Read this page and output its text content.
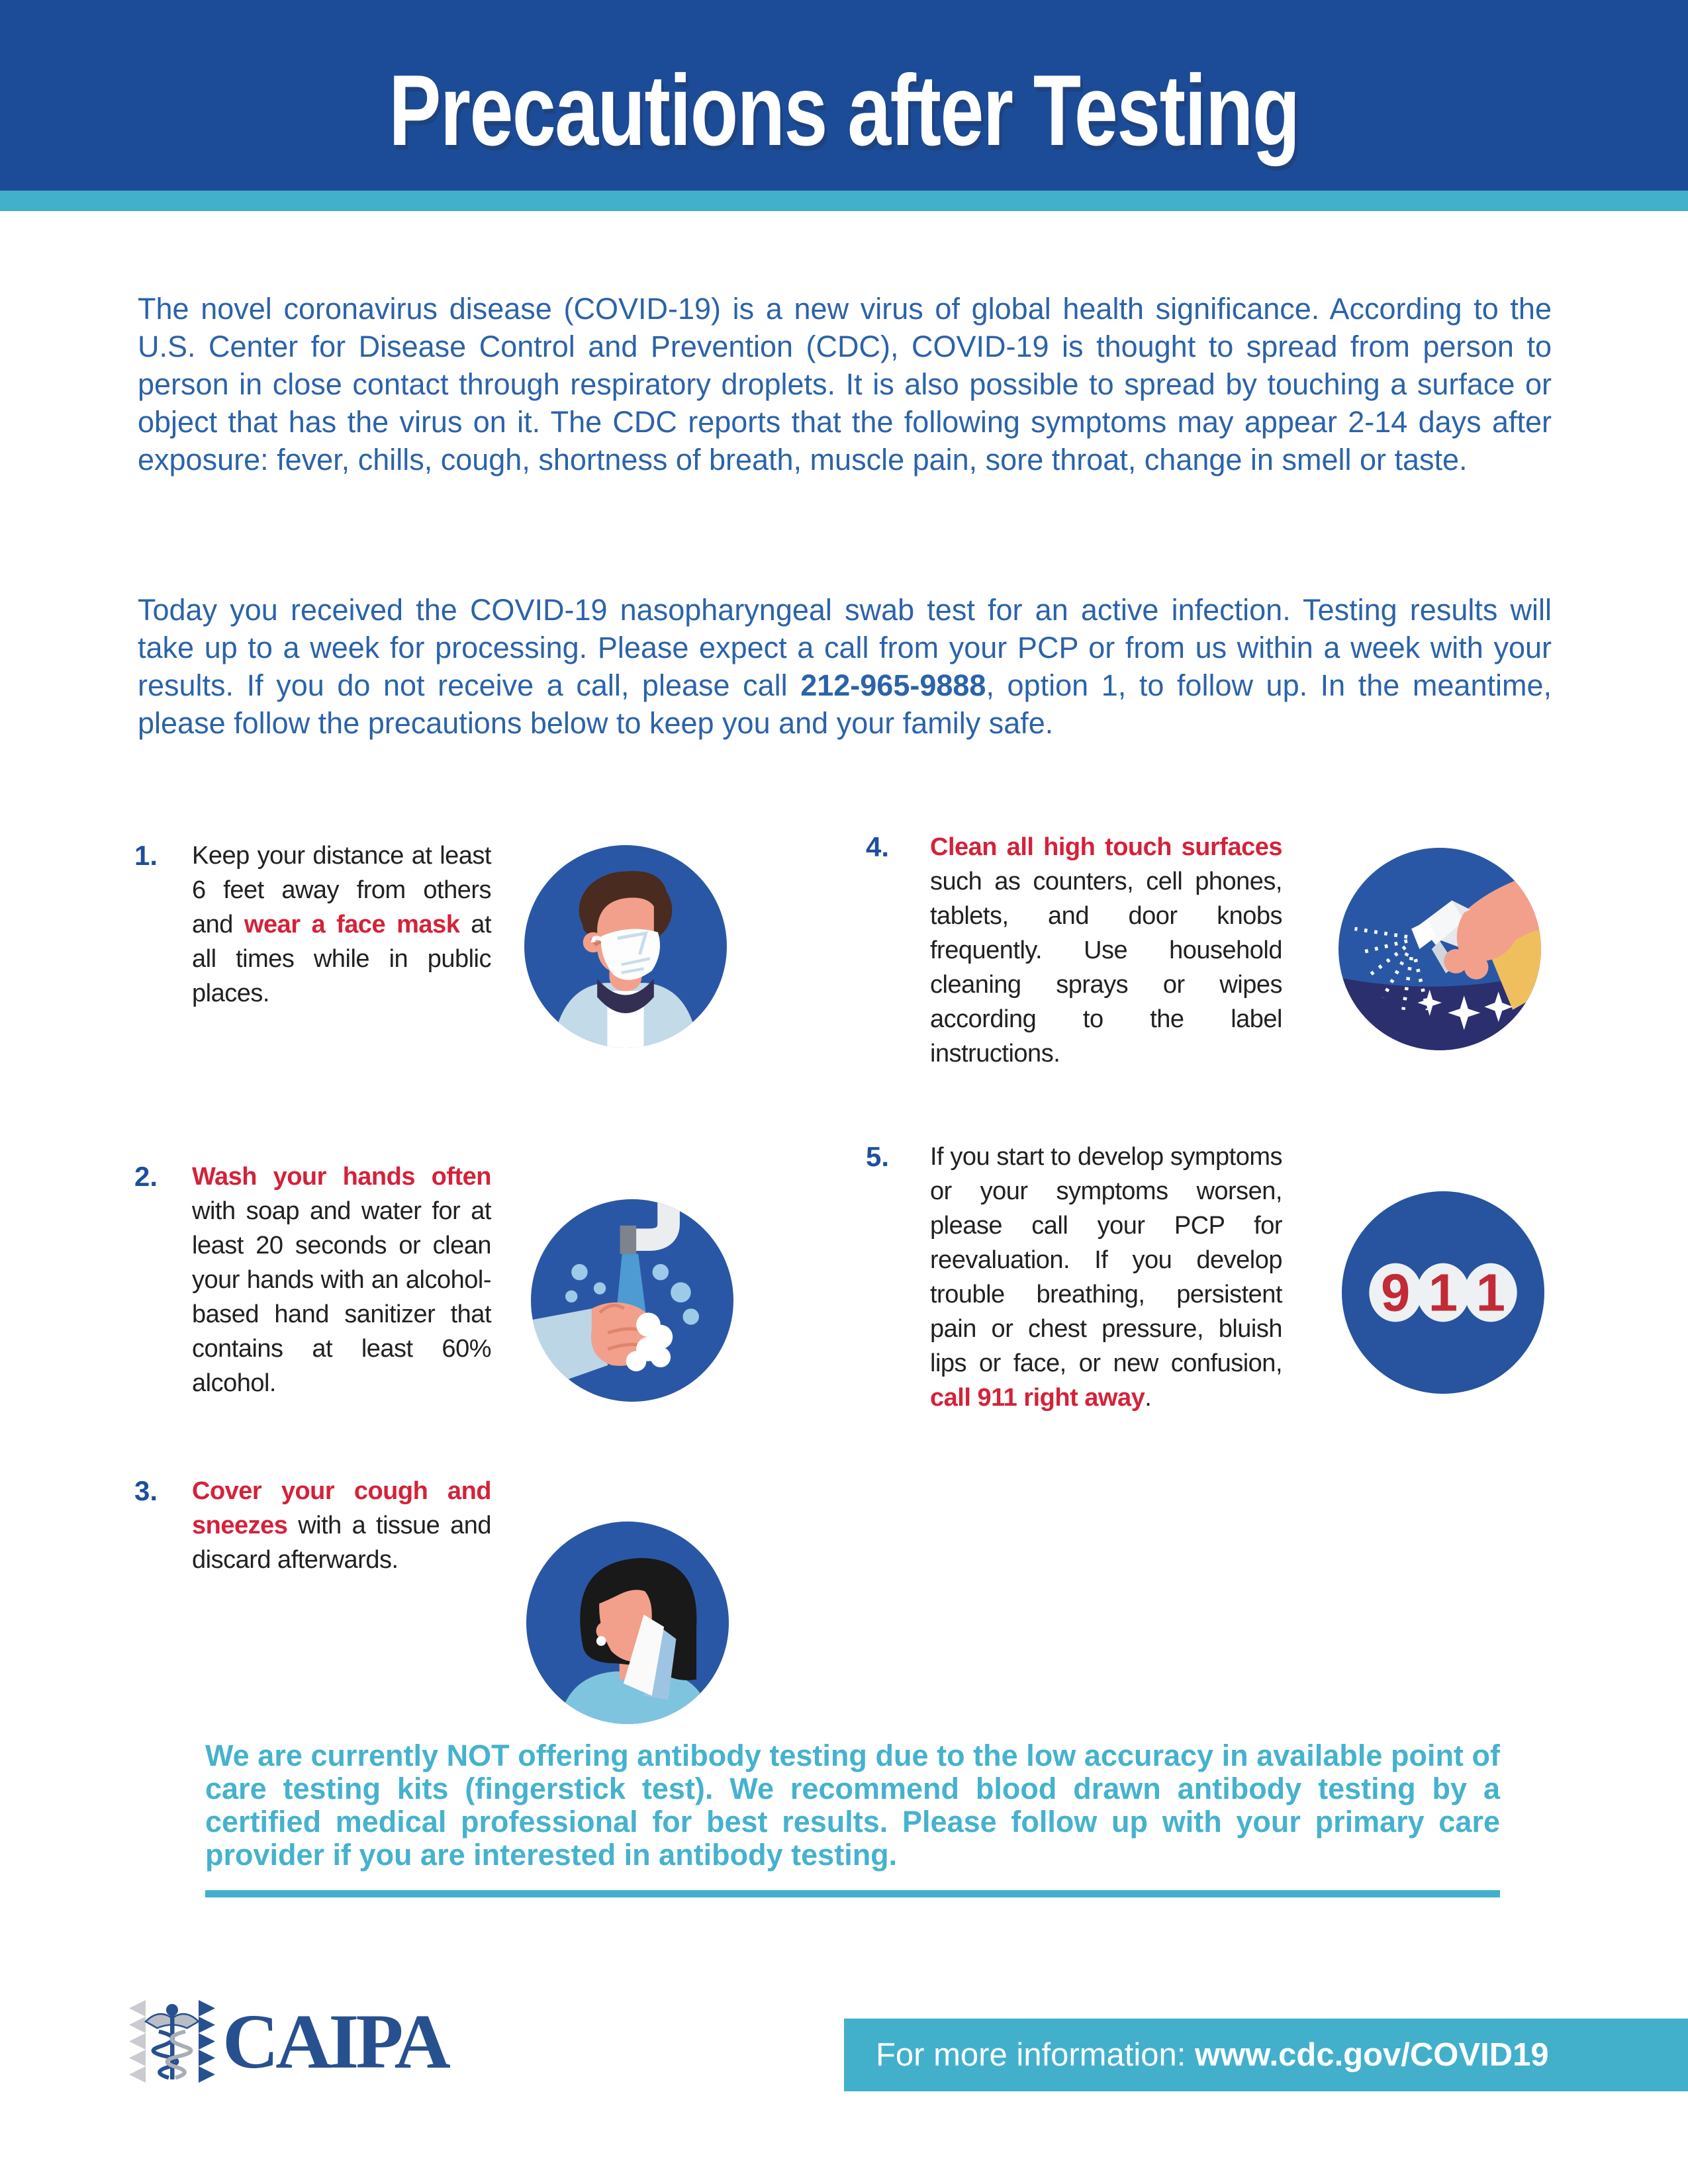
Precautions after Testing

The novel coronavirus disease (COVID-19) is a new virus of global health significance. According to the U.S. Center for Disease Control and Prevention (CDC), COVID-19 is thought to spread from person to person in close contact through respiratory droplets. It is also possible to spread by touching a surface or object that has the virus on it. The CDC reports that the following symptoms may appear 2-14 days after exposure: fever, chills, cough, shortness of breath, muscle pain, sore throat, change in smell or taste.

Today you received the COVID-19 nasopharyngeal swab test for an active infection. Testing results will take up to a week for processing. Please expect a call from your PCP or from us within a week with your results. If you do not receive a call, please call 212-965-9888, option 1, to follow up. In the meantime, please follow the precautions below to keep you and your family safe.

1.	Keep your distance at least 6 feet away from others and wear a face mask at all times while in public places.
2.	Wash your hands often with soap and water for at least 20 seconds or clean your hands with an alcohol-based hand sanitizer that contains at least 60% alcohol.
3.	Cover your cough and sneezes with a tissue and discard afterwards.
4.	Clean all high touch surfaces such as counters, cell phones, tablets, and door knobs frequently. Use household cleaning sprays or wipes according to the label instructions.
5.	If you start to develop symptoms or your symptoms worsen, please call your PCP for reevaluation. If you develop trouble breathing, persistent pain or chest pressure, bluish lips or face, or new confusion, call 911 right away.
9 1 1

We are currently NOT offering antibody testing due to the low accuracy in available point of care testing kits (fingerstick test). We recommend blood drawn antibody testing by a certified medical professional for best results. Please follow up with your primary care provider if you are interested in antibody testing.

CAIPA	For more information: www.cdc.gov/COVID19
